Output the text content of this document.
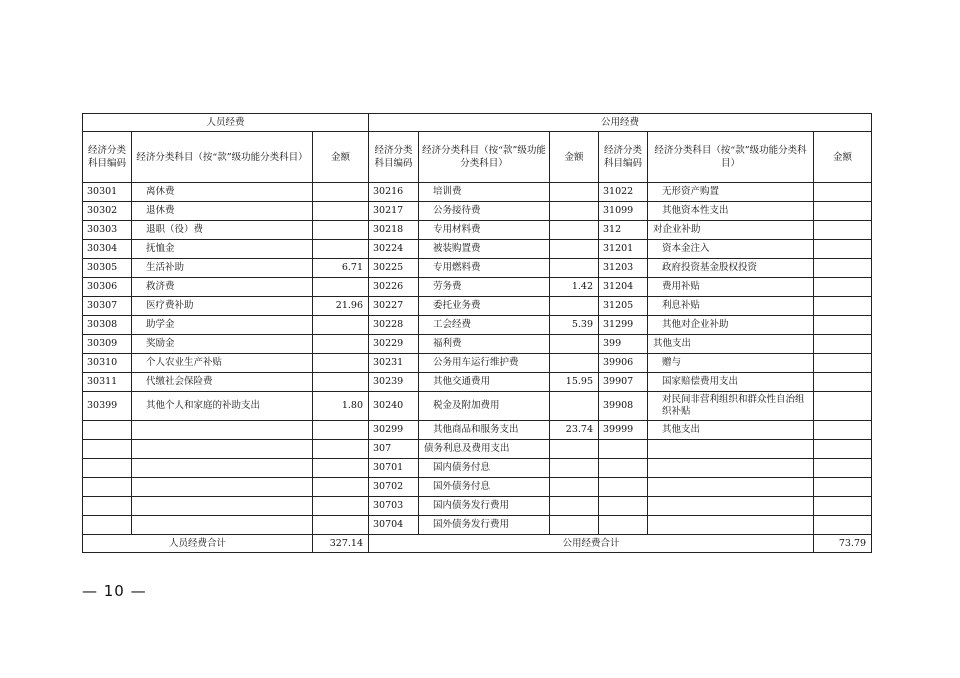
人员经费			公用经费					
经济分类科目编码	经济分类科目（按“款”级功能分类科目）	金额	经济分类科目编码	经济分类科目（按“款”级功能分类科目）	金额	经济分类科目编码	经济分类科目（按“款”级功能分类科目）	金额
30301	离休费		30216	培训费		31022	无形资产购置	
30302	退休费		30217	公务接待费		31099	其他资本性支出	
30303	退职（役）费		30218	专用材料费		312	对企业补助	
30304	抚恤金		30224	被装购置费		31201	资本金注入	
30305	生活补助	6.71	30225	专用燃料费		31203	政府投资基金股权投资	
30306	救济费		30226	劳务费	1.42	31204	费用补贴	
30307	医疗费补助	21.96	30227	委托业务费		31205	利息补贴	
30308	助学金		30228	工会经费	5.39	31299	其他对企业补助	
30309	奖励金		30229	福利费		399	其他支出	
30310	个人农业生产补贴		30231	公务用车运行维护费		39906	赠与	
30311	代缴社会保险费		30239	其他交通费用	15.95	39907	国家赔偿费用支出	
30399	其他个人和家庭的补助支出	1.80	30240	税金及附加费用		39908	对民间非营利组织和群众性自治组织补贴	
			30299	其他商品和服务支出	23.74	39999	其他支出	
			307	债务利息及费用支出				
			30701	国内债务付息				
			30702	国外债务付息				
			30703	国内债务发行费用				
			30704	国外债务发行费用				
人员经费合计		327.14	公用经费合计					73.79
— 10 —
